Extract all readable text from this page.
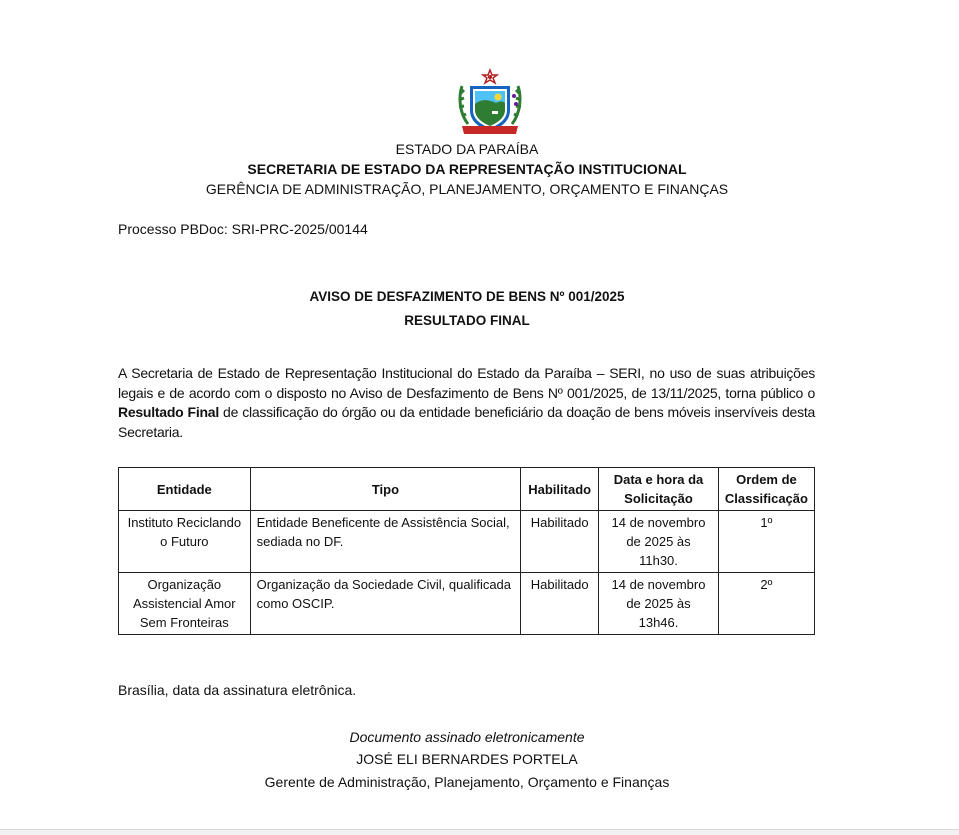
ESTADO DA PARAÍBA
SECRETARIA DE ESTADO DA REPRESENTAÇÃO INSTITUCIONAL
GERÊNCIA DE ADMINISTRAÇÃO, PLANEJAMENTO, ORÇAMENTO E FINANÇAS
Processo PBDoc: SRI-PRC-2025/00144
AVISO DE DESFAZIMENTO DE BENS Nº 001/2025
RESULTADO FINAL

A Secretaria de Estado de Representação Institucional do Estado da Paraíba – SERI, no uso de suas atribuições legais e de acordo com o disposto no Aviso de Desfazimento de Bens Nº 001/2025, de 13/11/2025, torna público o Resultado Final de classificação do órgão ou da entidade beneficiário da doação de bens móveis inservíveis desta Secretaria.

Entidade	Tipo	Habilitado	Data e hora da Solicitação	Ordem de Classificação
Instituto Reciclando o Futuro	Entidade Beneficente de Assistência Social, sediada no DF.	Habilitado	14 de novembro de 2025 às 11h30.	1º
Organização Assistencial Amor Sem Fronteiras	Organização da Sociedade Civil, qualificada como OSCIP.	Habilitado	14 de novembro de 2025 às 13h46.	2º
Brasília, data da assinatura eletrônica.
Documento assinado eletronicamente
JOSÉ ELI BERNARDES PORTELA
Gerente de Administração, Planejamento, Orçamento e Finanças
